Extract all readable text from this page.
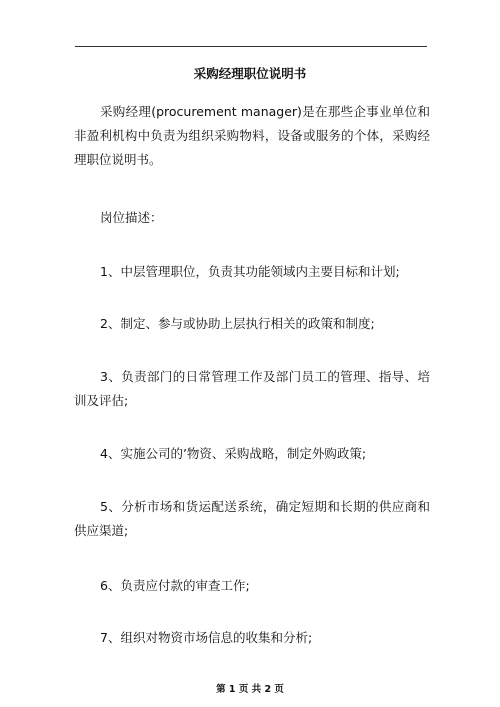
采购经理职位说明书

采购经理(procurement manager)是在那些企事业单位和非盈利机构中负责为组织采购物料，设备或服务的个体，采购经理职位说明书。

岗位描述：

1、中层管理职位，负责其功能领域内主要目标和计划;

2、制定、参与或协助上层执行相关的政策和制度;

3、负责部门的日常管理工作及部门员工的管理、指导、培训及评估;

4、实施公司的’物资、采购战略，制定外购政策;

5、分析市场和货运配送系统，确定短期和长期的供应商和供应渠道;

6、负责应付款的审查工作;

7、组织对物资市场信息的收集和分析;

第 1 页 共 2 页
